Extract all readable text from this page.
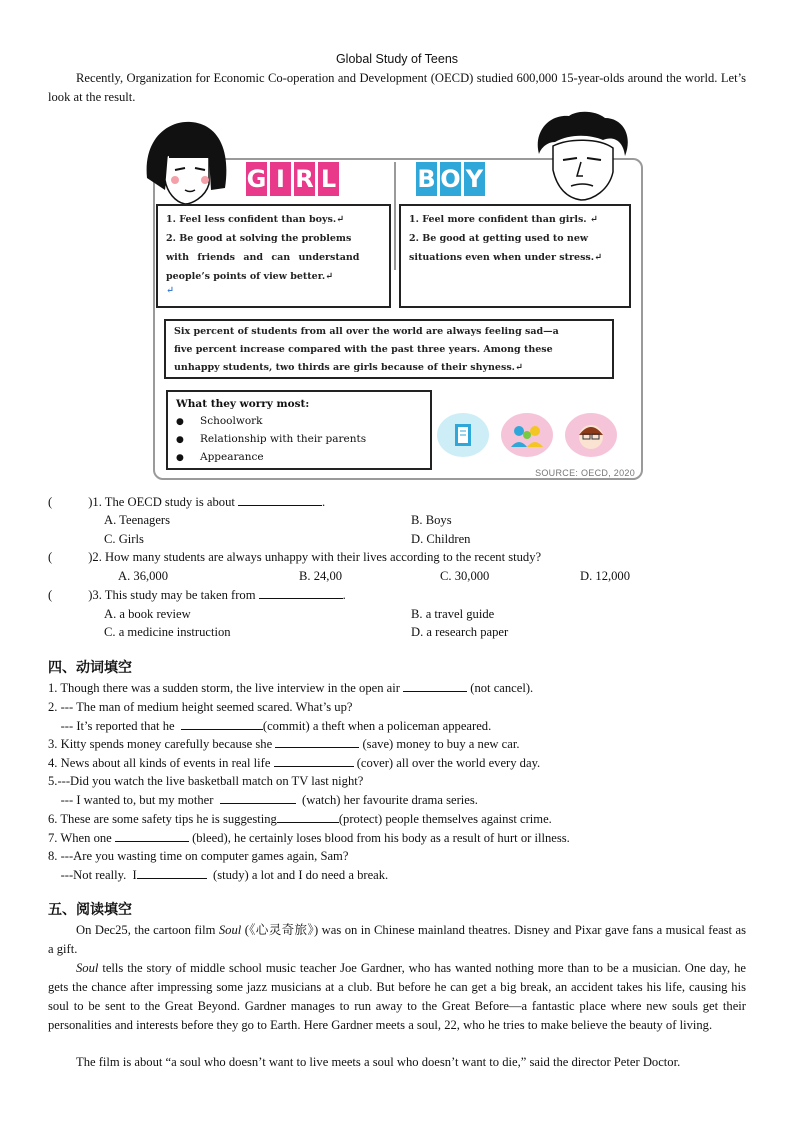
Global Study of Teens
Recently, Organization for Economic Co-operation and Development (OECD) studied 600,000 15-year-olds around the world. Let’s look at the result.
G I R L	B O Y
1. Feel less confident than boys.↵
2. Be good at solving the problems
with friends and can understand
people’s points of view better.↵
↵
1. Feel more confident than girls. ↵
2. Be good at getting used to new
situations even when under stress.↵
Six percent of students from all over the world are always feeling sad—a
five percent increase compared with the past three years. Among these
unhappy students, two thirds are girls because of their shyness.↵
What they worry most:
● Schoolwork
● Relationship with their parents
● Appearance
SOURCE: OECD, 2020
(	)1. The OECD study is about	.
A. Teenagers	B. Boys
C. Girls	D. Children
(	)2. How many students are always unhappy with their lives according to the recent study?
A. 36,000	B. 24,00	C. 30,000	D. 12,000
(	)3. This study may be taken from	.
A. a book review	B. a travel guide
C. a medicine instruction	D. a research paper
四、动词填空
1. Though there was a sudden storm, the live interview in the open air	(not cancel).
2. --- The man of medium height seemed scared. What’s up?
--- It’s reported that he	(commit) a theft when a policeman appeared.
3. Kitty spends money carefully because she	(save) money to buy a new car.
4. News about all kinds of events in real life	(cover) all over the world every day.
5.---Did you watch the live basketball match on TV last night?
--- I wanted to, but my mother	(watch) her favourite drama series.
6. These are some safety tips he is suggesting	(protect) people themselves against crime.
7. When one	(bleed), he certainly loses blood from his body as a result of hurt or illness.
8. ---Are you wasting time on computer games again, Sam?
---Not really.  I	(study) a lot and I do need a break.
五、阅读填空
On Dec25, the cartoon film Soul (《心灵奇旅》) was on in Chinese mainland theatres. Disney and Pixar gave fans a musical feast as a gift.
Soul tells the story of middle school music teacher Joe Gardner, who has wanted nothing more than to be a musician. One day, he gets the chance after impressing some jazz musicians at a club. But before he can get a big break, an accident takes his life, causing his soul to be sent to the Great Beyond. Gardner manages to run away to the Great Before—a fantastic place where new souls get their personalities and interests before they go to Earth. Here Gardner meets a soul, 22, who he tries to make believe the beauty of living.
The film is about “a soul who doesn’t want to live meets a soul who doesn’t want to die,” said the director Peter Doctor.
